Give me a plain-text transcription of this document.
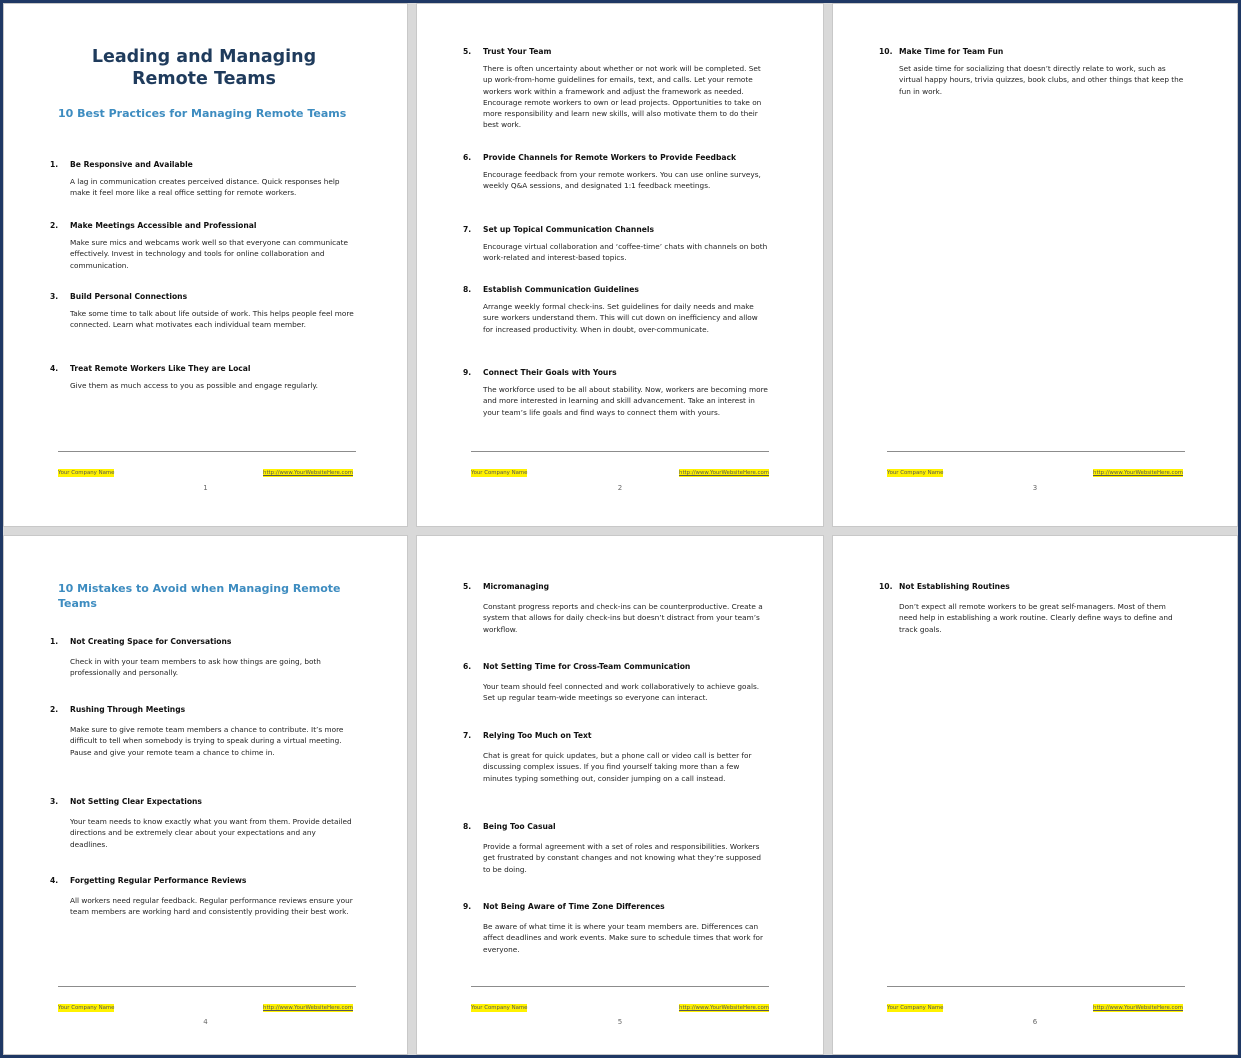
Leading and Managing Remote Teams
10 Best Practices for Managing Remote Teams
1. Be Responsive and Available
A lag in communication creates perceived distance. Quick responses help make it feel more like a real office setting for remote workers.
2. Make Meetings Accessible and Professional
Make sure mics and webcams work well so that everyone can communicate effectively. Invest in technology and tools for online collaboration and communication.
3. Build Personal Connections
Take some time to talk about life outside of work. This helps people feel more connected. Learn what motivates each individual team member.
4. Treat Remote Workers Like They are Local
Give them as much access to you as possible and engage regularly.
Your Company Name	http://www.YourWebsiteHere.com
1
5. Trust Your Team
There is often uncertainty about whether or not work will be completed. Set up work-from-home guidelines for emails, text, and calls. Let your remote workers work within a framework and adjust the framework as needed. Encourage remote workers to own or lead projects. Opportunities to take on more responsibility and learn new skills, will also motivate them to do their best work.
6. Provide Channels for Remote Workers to Provide Feedback
Encourage feedback from your remote workers. You can use online surveys, weekly Q&A sessions, and designated 1:1 feedback meetings.
7. Set up Topical Communication Channels
Encourage virtual collaboration and ‘coffee-time’ chats with channels on both work-related and interest-based topics.
8. Establish Communication Guidelines
Arrange weekly formal check-ins. Set guidelines for daily needs and make sure workers understand them. This will cut down on inefficiency and allow for increased productivity. When in doubt, over-communicate.
9. Connect Their Goals with Yours
The workforce used to be all about stability. Now, workers are becoming more and more interested in learning and skill advancement. Take an interest in your team’s life goals and find ways to connect them with yours.
Your Company Name	http://www.YourWebsiteHere.com
2
10. Make Time for Team Fun
Set aside time for socializing that doesn’t directly relate to work, such as virtual happy hours, trivia quizzes, book clubs, and other things that keep the fun in work.
Your Company Name	http://www.YourWebsiteHere.com
3
10 Mistakes to Avoid when Managing Remote Teams
1. Not Creating Space for Conversations
Check in with your team members to ask how things are going, both professionally and personally.
2. Rushing Through Meetings
Make sure to give remote team members a chance to contribute. It’s more difficult to tell when somebody is trying to speak during a virtual meeting. Pause and give your remote team a chance to chime in.
3. Not Setting Clear Expectations
Your team needs to know exactly what you want from them. Provide detailed directions and be extremely clear about your expectations and any deadlines.
4. Forgetting Regular Performance Reviews
All workers need regular feedback. Regular performance reviews ensure your team members are working hard and consistently providing their best work.
Your Company Name	http://www.YourWebsiteHere.com
4
5. Micromanaging
Constant progress reports and check-ins can be counterproductive. Create a system that allows for daily check-ins but doesn’t distract from your team’s workflow.
6. Not Setting Time for Cross-Team Communication
Your team should feel connected and work collaboratively to achieve goals. Set up regular team-wide meetings so everyone can interact.
7. Relying Too Much on Text
Chat is great for quick updates, but a phone call or video call is better for discussing complex issues. If you find yourself taking more than a few minutes typing something out, consider jumping on a call instead.
8. Being Too Casual
Provide a formal agreement with a set of roles and responsibilities. Workers get frustrated by constant changes and not knowing what they’re supposed to be doing.
9. Not Being Aware of Time Zone Differences
Be aware of what time it is where your team members are. Differences can affect deadlines and work events. Make sure to schedule times that work for everyone.
Your Company Name	http://www.YourWebsiteHere.com
5
10. Not Establishing Routines
Don’t expect all remote workers to be great self-managers. Most of them need help in establishing a work routine. Clearly define ways to define and track goals.
Your Company Name	http://www.YourWebsiteHere.com
6
